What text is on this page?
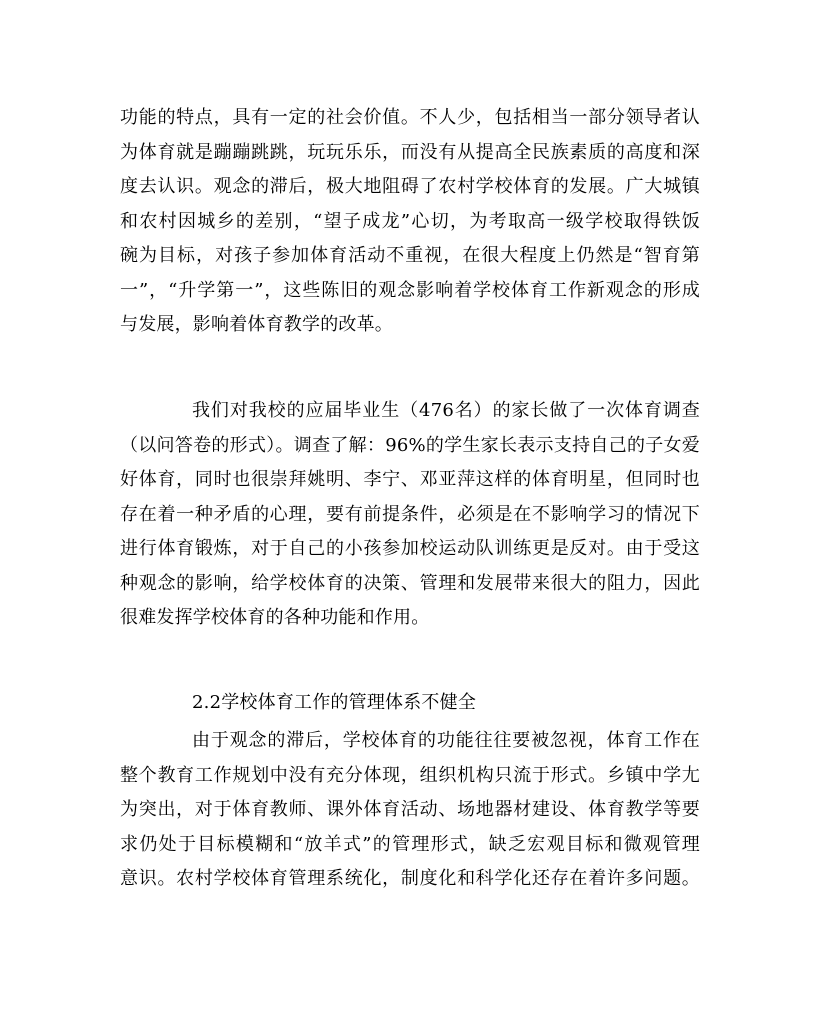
功能的特点，具有一定的社会价值。不人少，包括相当一部分领导者认
为体育就是蹦蹦跳跳，玩玩乐乐，而没有从提高全民族素质的高度和深
度去认识。观念的滞后，极大地阻碍了农村学校体育的发展。广大城镇
和农村因城乡的差别，“望子成龙”心切，为考取高一级学校取得铁饭
碗为目标，对孩子参加体育活动不重视，在很大程度上仍然是“智育第
一”，“升学第一”，这些陈旧的观念影响着学校体育工作新观念的形成
与发展，影响着体育教学的改革。
我们对我校的应届毕业生（476名）的家长做了一次体育调查
（以问答卷的形式）。调查了解：96%的学生家长表示支持自己的子女爱
好体育，同时也很崇拜姚明、李宁、邓亚萍这样的体育明星，但同时也
存在着一种矛盾的心理，要有前提条件，必须是在不影响学习的情况下
进行体育锻炼，对于自己的小孩参加校运动队训练更是反对。由于受这
种观念的影响，给学校体育的决策、管理和发展带来很大的阻力，因此
很难发挥学校体育的各种功能和作用。
2.2学校体育工作的管理体系不健全
由于观念的滞后，学校体育的功能往往要被忽视，体育工作在
整个教育工作规划中没有充分体现，组织机构只流于形式。乡镇中学尢
为突出，对于体育教师、课外体育活动、场地器材建设、体育教学等要
求仍处于目标模糊和“放羊式”的管理形式，缺乏宏观目标和微观管理
意识。农村学校体育管理系统化，制度化和科学化还存在着许多问题。
